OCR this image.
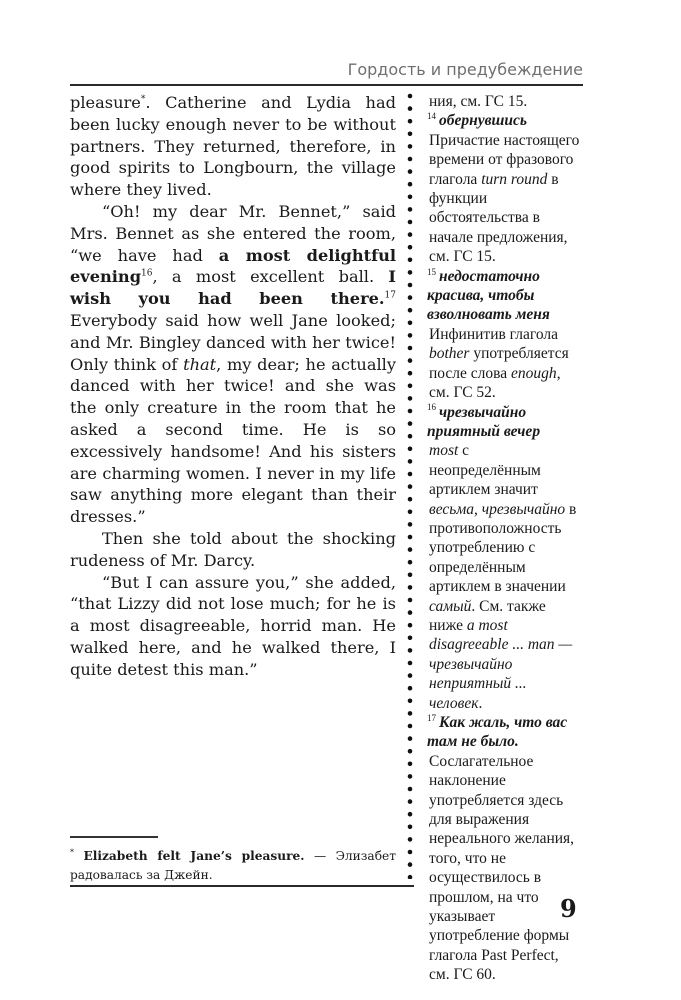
Гордость и предубеждение

pleasure*. Catherine and Lydia had been lucky enough never to be without partners. They returned, therefore, in good spirits to Longbourn, the village where they lived.

“Oh! my dear Mr. Bennet,” said Mrs. Bennet as she entered the room, “we have had a most delightful evening$^{16}$, a most excellent ball. I wish you had been there.$^{17}$ Everybody said how well Jane looked; and Mr. Bingley danced with her twice! Only think of that, my dear; he actually danced with her twice! and she was the only creature in the room that he asked a second time. He is so excessively handsome! And his sisters are charming women. I never in my life saw anything more elegant than their dresses.”

Then she told about the shocking rudeness of Mr. Darcy.

“But I can assure you,” she added, “that Lizzy did not lose much; for he is a most disagreeable, horrid man. He walked here, and he walked there, I quite detest this man.”

ния, см. ГС 15.
$^{14}$ обернувшись
Причастие настоящего времени от фразового глагола turn round в функции обстоятельства в начале предложения, см. ГС 15.
$^{15}$ недостаточно красива, чтобы взволновать меня
Инфинитив глагола bother употребляется после слова enough, см. ГС 52.
$^{16}$ чрезвычайно приятный вечер
most с неопределённым артиклем значит весьма, чрезвычайно в противоположность употреблению с определённым артиклем в значении самый. См. также ниже a most disagreeable ... man — чрезвычайно неприятный ... человек.
$^{17}$ Как жаль, что вас там не было.
Сослагательное наклонение употребляется здесь для выражения нереального желания, того, что не осуществилось в прошлом, на что указывает употребление формы глагола Past Perfect, см. ГС 60.
* Elizabeth felt Jane’s pleasure. — Элизабет радовалась за Джейн.
9
